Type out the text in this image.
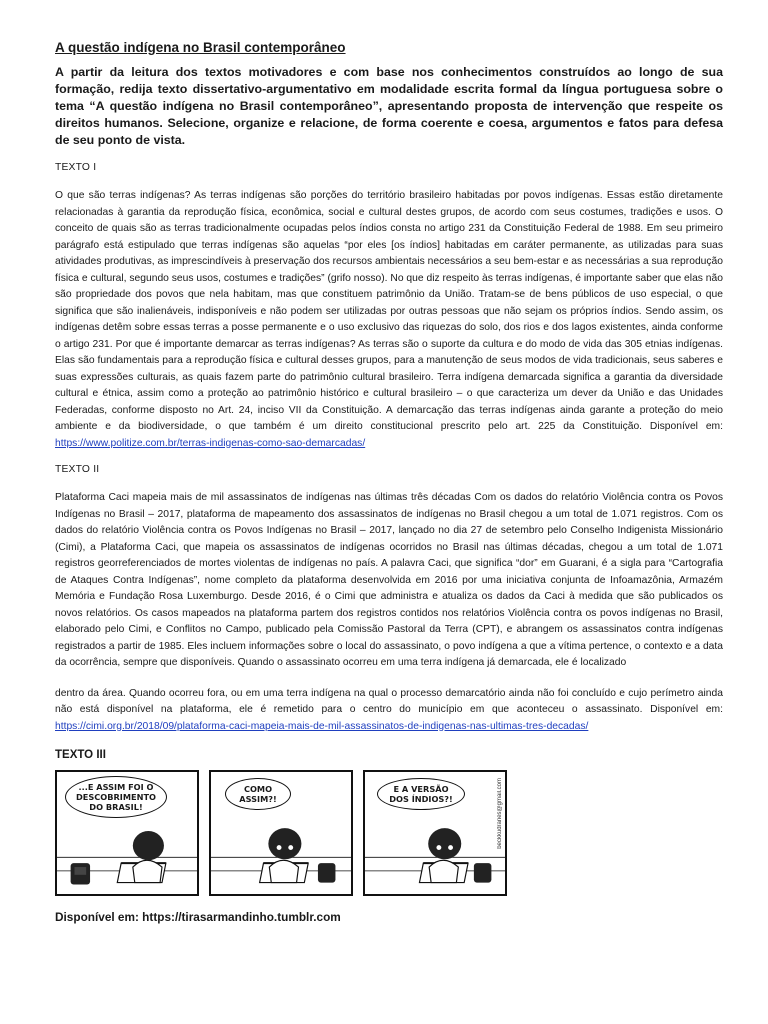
A questão indígena no Brasil contemporâneo
A partir da leitura dos textos motivadores e com base nos conhecimentos construídos ao longo de sua formação, redija texto dissertativo-argumentativo em modalidade escrita formal da língua portuguesa sobre o tema “A questão indígena no Brasil contemporâneo”, apresentando proposta de intervenção que respeite os direitos humanos. Selecione, organize e relacione, de forma coerente e coesa, argumentos e fatos para defesa de seu ponto de vista.
TEXTO I
O que são terras indígenas? As terras indígenas são porções do território brasileiro habitadas por povos indígenas. Essas estão diretamente relacionadas à garantia da reprodução física, econômica, social e cultural destes grupos, de acordo com seus costumes, tradições e usos. O conceito de quais são as terras tradicionalmente ocupadas pelos índios consta no artigo 231 da Constituição Federal de 1988. Em seu primeiro parágrafo está estipulado que terras indígenas são aquelas “por eles [os índios] habitadas em caráter permanente, as utilizadas para suas atividades produtivas, as imprescindíveis à preservação dos recursos ambientais necessários a seu bem-estar e as necessárias a sua reprodução física e cultural, segundo seus usos, costumes e tradições” (grifo nosso). No que diz respeito às terras indígenas, é importante saber que elas não são propriedade dos povos que nela habitam, mas que constituem patrimônio da União. Tratam-se de bens públicos de uso especial, o que significa que são inalienáveis, indisponíveis e não podem ser utilizadas por outras pessoas que não sejam os próprios índios. Sendo assim, os indígenas detêm sobre essas terras a posse permanente e o uso exclusivo das riquezas do solo, dos rios e dos lagos existentes, ainda conforme o artigo 231. Por que é importante demarcar as terras indígenas? As terras são o suporte da cultura e do modo de vida das 305 etnias indígenas. Elas são fundamentais para a reprodução física e cultural desses grupos, para a manutenção de seus modos de vida tradicionais, seus saberes e suas expressões culturais, as quais fazem parte do patrimônio cultural brasileiro. Terra indígena demarcada significa a garantia da diversidade cultural e étnica, assim como a proteção ao patrimônio histórico e cultural brasileiro – o que caracteriza um dever da União e das Unidades Federadas, conforme disposto no Art. 24, inciso VII da Constituição. A demarcação das terras indígenas ainda garante a proteção do meio ambiente e da biodiversidade, o que também é um direito constitucional prescrito pelo art. 225 da Constituição. Disponível em: https://www.politize.com.br/terras-indigenas-como-sao-demarcadas/
TEXTO II
Plataforma Caci mapeia mais de mil assassinatos de indígenas nas últimas três décadas Com os dados do relatório Violência contra os Povos Indígenas no Brasil – 2017, plataforma de mapeamento dos assassinatos de indígenas no Brasil chegou a um total de 1.071 registros. Com os dados do relatório Violência contra os Povos Indígenas no Brasil – 2017, lançado no dia 27 de setembro pelo Conselho Indigenista Missionário (Cimi), a Plataforma Caci, que mapeia os assassinatos de indígenas ocorridos no Brasil nas últimas décadas, chegou a um total de 1.071 registros georreferenciados de mortes violentas de indígenas no país. A palavra Caci, que significa “dor” em Guarani, é a sigla para “Cartografia de Ataques Contra Indígenas”, nome completo da plataforma desenvolvida em 2016 por uma iniciativa conjunta de Infoamazônia, Armazém Memória e Fundação Rosa Luxemburgo. Desde 2016, é o Cimi que administra e atualiza os dados da Caci à medida que são publicados os novos relatórios. Os casos mapeados na plataforma partem dos registros contidos nos relatórios Violência contra os povos indígenas no Brasil, elaborado pelo Cimi, e Conflitos no Campo, publicado pela Comissão Pastoral da Terra (CPT), e abrangem os assassinatos contra indígenas registrados a partir de 1985. Eles incluem informações sobre o local do assassinato, o povo indígena a que a vítima pertence, o contexto e a data da ocorrência, sempre que disponíveis. Quando o assassinato ocorreu em uma terra indígena já demarcada, ele é localizado
dentro da área. Quando ocorreu fora, ou em uma terra indígena na qual o processo demarcatório ainda não foi concluído e cujo perímetro ainda não está disponível na plataforma, ele é remetido para o centro do município em que aconteceu o assassinato. Disponível em: https://cimi.org.br/2018/09/plataforma-caci-mapeia-mais-de-mil-assassinatos-de-indigenas-nas-ultimas-tres-decadas/
TEXTO III
...E ASSIM FOI O DESCOBRIMENTO DO BRASIL!
COMO ASSIM?!
E A VERSÃO DOS ÍNDIOS?!	beckkudranes@gmail.com
Disponível em: https://tirasarmandinho.tumblr.com
